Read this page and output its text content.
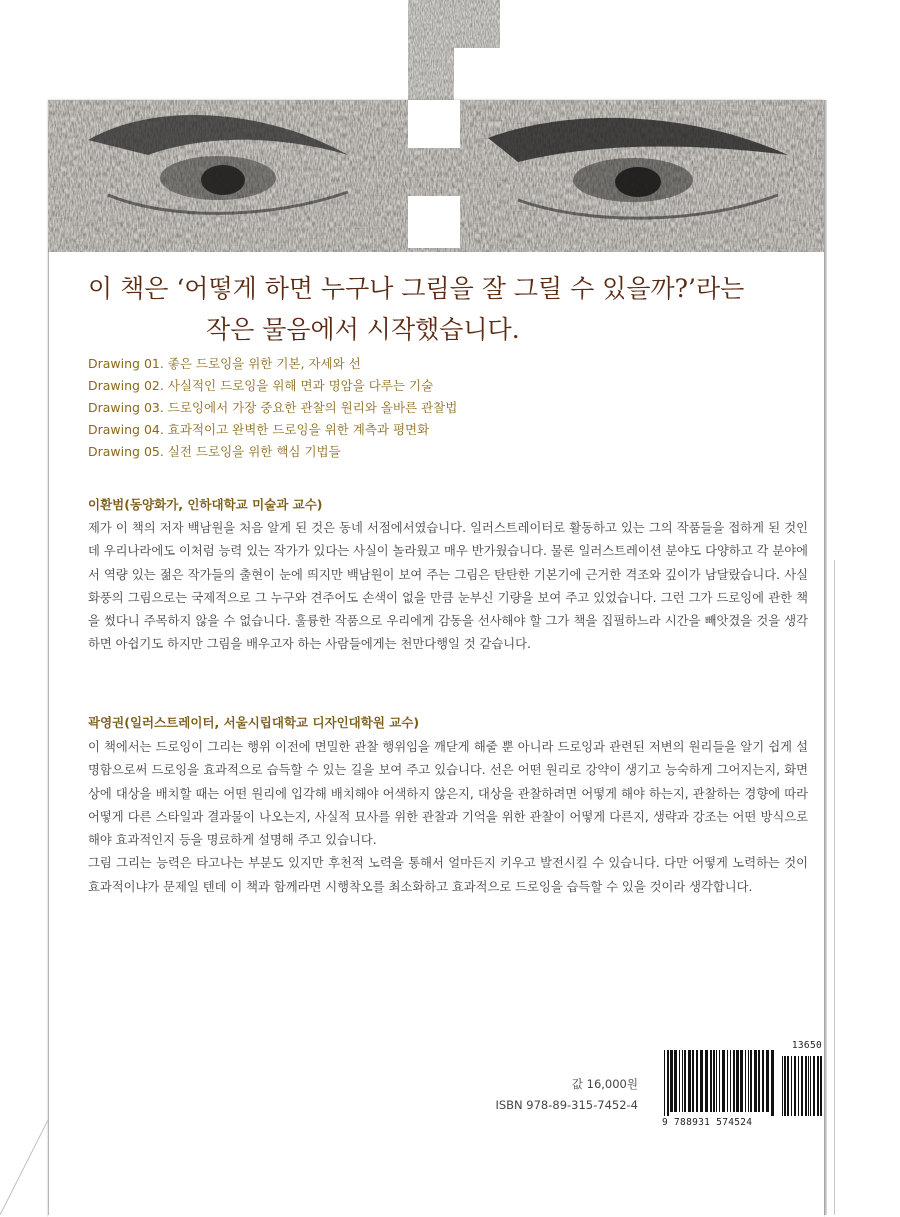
이 책은 ‘어떻게 하면 누구나 그림을 잘 그릴 수 있을까?’라는
작은 물음에서 시작했습니다.
Drawing 01. 좋은 드로잉을 위한 기본, 자세와 선
Drawing 02. 사실적인 드로잉을 위해 면과 명암을 다루는 기술
Drawing 03. 드로잉에서 가장 중요한 관찰의 원리와 올바른 관찰법
Drawing 04. 효과적이고 완벽한 드로잉을 위한 계측과 평면화
Drawing 05. 실전 드로잉을 위한 핵심 기법들
이환범(동양화가, 인하대학교 미술과 교수)

제가 이 책의 저자 백남원을 처음 알게 된 것은 동네 서점에서였습니다. 일러스트레이터로 활동하고 있는 그의 작품들을 접하게 된 것인데 우리나라에도 이처럼 능력 있는 작가가 있다는 사실이 놀라웠고 매우 반가웠습니다. 물론 일러스트레이션 분야도 다양하고 각 분야에서 역량 있는 젊은 작가들의 출현이 눈에 띄지만 백남원이 보여 주는 그림은 탄탄한 기본기에 근거한 격조와 깊이가 남달랐습니다. 사실화풍의 그림으로는 국제적으로 그 누구와 견주어도 손색이 없을 만큼 눈부신 기량을 보여 주고 있었습니다. 그런 그가 드로잉에 관한 책을 썼다니 주목하지 않을 수 없습니다. 훌륭한 작품으로 우리에게 감동을 선사해야 할 그가 책을 집필하느라 시간을 빼앗겼을 것을 생각하면 아쉽기도 하지만 그림을 배우고자 하는 사람들에게는 천만다행일 것 같습니다.

곽영권(일러스트레이터, 서울시립대학교 디자인대학원 교수)

이 책에서는 드로잉이 그리는 행위 이전에 면밀한 관찰 행위임을 깨닫게 해줄 뿐 아니라 드로잉과 관련된 저변의 원리들을 알기 쉽게 설명함으로써 드로잉을 효과적으로 습득할 수 있는 길을 보여 주고 있습니다. 선은 어떤 원리로 강약이 생기고 능숙하게 그어지는지, 화면상에 대상을 배치할 때는 어떤 원리에 입각해 배치해야 어색하지 않은지, 대상을 관찰하려면 어떻게 해야 하는지, 관찰하는 경향에 따라 어떻게 다른 스타일과 결과물이 나오는지, 사실적 묘사를 위한 관찰과 기억을 위한 관찰이 어떻게 다른지, 생략과 강조는 어떤 방식으로 해야 효과적인지 등을 명료하게 설명해 주고 있습니다.

그림 그리는 능력은 타고나는 부분도 있지만 후천적 노력을 통해서 얼마든지 키우고 발전시킬 수 있습니다. 다만 어떻게 노력하는 것이 효과적이냐가 문제일 텐데 이 책과 함께라면 시행착오를 최소화하고 효과적으로 드로잉을 습득할 수 있을 것이라 생각합니다.

값 16,000원
ISBN 978-89-315-7452-4
9 788931 574524
13650
